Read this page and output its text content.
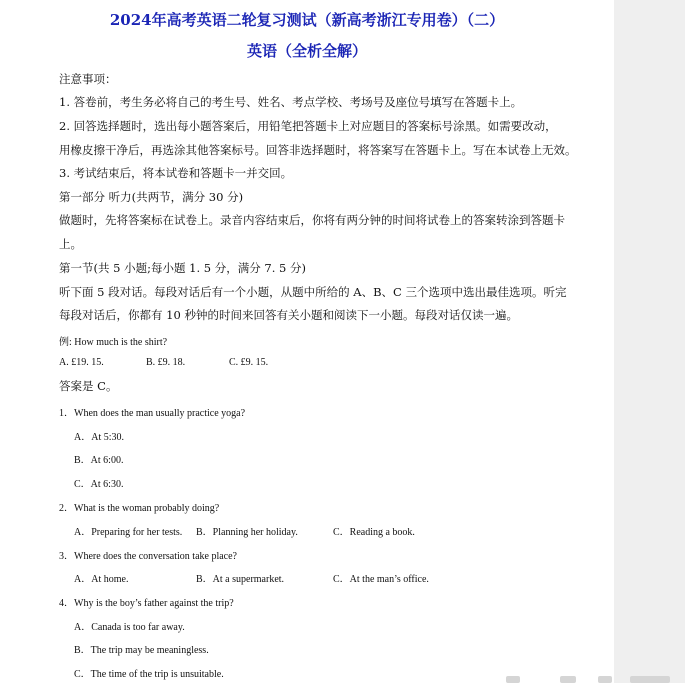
2024年高考英语二轮复习测试（新高考浙江专用卷）（二）
英语（全析全解）
注意事项：
1. 答卷前，考生务必将自己的考生号、姓名、考点学校、考场号及座位号填写在答题卡上。
2. 回答选择题时，选出每小题答案后，用铅笔把答题卡上对应题目的答案标号涂黑。如需要改动，
用橡皮擦干净后，再选涂其他答案标号。回答非选择题时，将答案写在答题卡上。写在本试卷上无效。
3. 考试结束后，将本试卷和答题卡一并交回。
第一部分 听力(共两节，满分 30 分)
做题时，先将答案标在试卷上。录音内容结束后，你将有两分钟的时间将试卷上的答案转涂到答题卡
上。
第一节(共 5 小题;每小题 1. 5 分，满分 7. 5 分)
听下面 5 段对话。每段对话后有一个小题，从题中所给的 A、B、C 三个选项中选出最佳选项。听完
每段对话后，你都有 10 秒钟的时间来回答有关小题和阅读下一小题。每段对话仅读一遍。
例: How much is the shirt?
A. £19. 15.	B. £9. 18.	C. £9. 15.
答案是 C。
1．When does the man usually practice yoga?
A．At 5:30.
B．At 6:00.
C．At 6:30.
2．What is the woman probably doing?
A．Preparing for her tests. B．Planning her holiday.	C．Reading a book.
3．Where does the conversation take place?
A．At home.	B．At a supermarket.	C．At the man’s office.
4．Why is the boy’s father against the trip?
A．Canada is too far away.
B．The trip may be meaningless.
C．The time of the trip is unsuitable.
